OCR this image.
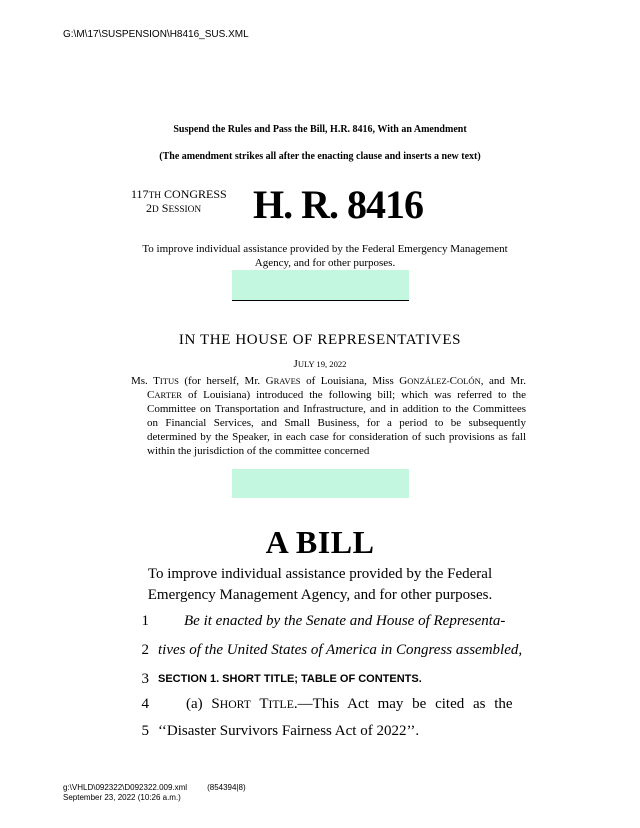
G:\M\17\SUSPENSION\H8416_SUS.XML
Suspend the Rules and Pass the Bill, H.R. 8416, With an Amendment
(The amendment strikes all after the enacting clause and inserts a new text)
117TH CONGRESS
2D SESSION	H. R. 8416
To improve individual assistance provided by the Federal Emergency Management Agency, and for other purposes.
IN THE HOUSE OF REPRESENTATIVES
JULY 19, 2022
Ms. TITUS (for herself, Mr. GRAVES of Louisiana, Miss GONZÁLEZ-COLÓN, and Mr. CARTER of Louisiana) introduced the following bill; which was referred to the Committee on Transportation and Infrastructure, and in addition to the Committees on Financial Services, and Small Business, for a period to be subsequently determined by the Speaker, in each case for consideration of such provisions as fall within the jurisdiction of the committee concerned
A BILL
To improve individual assistance provided by the Federal Emergency Management Agency, and for other purposes.
1	Be it enacted by the Senate and House of Representa-
2 tives of the United States of America in Congress assembled,
3 SECTION 1. SHORT TITLE; TABLE OF CONTENTS.
4	(a) SHORT TITLE.—This Act may be cited as the
5 ‘‘Disaster Survivors Fairness Act of 2022’’.
g:\VHLD\092322\D092322.009.xml	(854394|8)
September 23, 2022 (10:26 a.m.)
